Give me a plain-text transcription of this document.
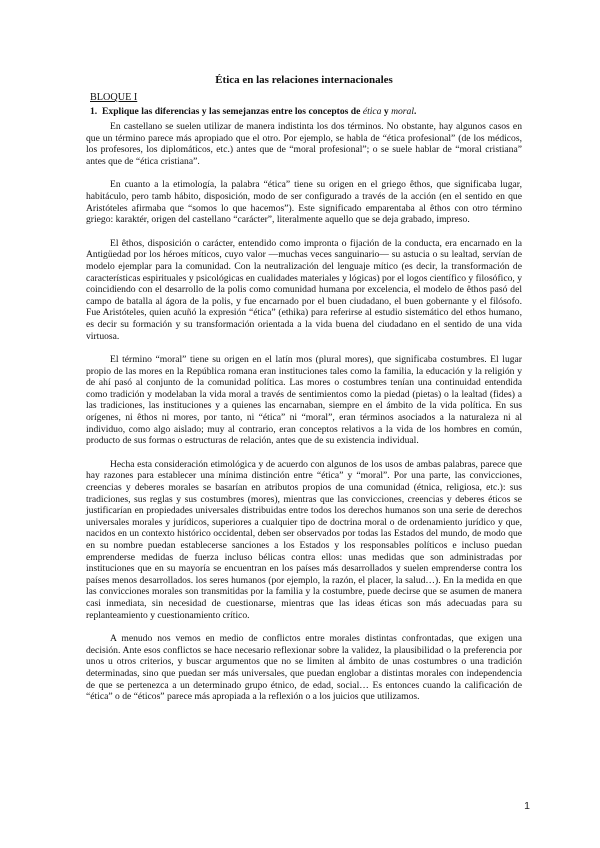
Ética en las relaciones internacionales
BLOQUE I
1. Explique las diferencias y las semejanzas entre los conceptos de ética y moral.

En castellano se suelen utilizar de manera indistinta los dos términos. No obstante, hay algunos casos en que un término parece más apropiado que el otro. Por ejemplo, se habla de “ética profesional” (de los médicos, los profesores, los diplomáticos, etc.) antes que de “moral profesional”; o se suele hablar de “moral cristiana” antes que de “ética cristiana”.

En cuanto a la etimología, la palabra “ética” tiene su origen en el griego êthos, que significaba lugar, habitáculo, pero tamb hábito, disposición, modo de ser configurado a través de la acción (en el sentido en que Aristóteles afirmaba que “somos lo que hacemos”). Este significado emparentaba al êthos con otro término griego: karaktér, origen del castellano “carácter”, literalmente aquello que se deja grabado, impreso.

El êthos, disposición o carácter, entendido como impronta o fijación de la conducta, era encarnado en la Antigüedad por los héroes míticos, cuyo valor —muchas veces sanguinario— su astucia o su lealtad, servían de modelo ejemplar para la comunidad. Con la neutralización del lenguaje mítico (es decir, la transformación de características espirituales y psicológicas en cualidades materiales y lógicas) por el logos científico y filosófico, y coincidiendo con el desarrollo de la polis como comunidad humana por excelencia, el modelo de êthos pasó del campo de batalla al ágora de la polis, y fue encarnado por el buen ciudadano, el buen gobernante y el filósofo. Fue Aristóteles, quien acuñó la expresión “ética” (ethika) para referirse al estudio sistemático del ethos humano, es decir su formación y su transformación orientada a la vida buena del ciudadano en el sentido de una vida virtuosa.

El término “moral” tiene su origen en el latín mos (plural mores), que significaba costumbres. El lugar propio de las mores en la República romana eran instituciones tales como la familia, la educación y la religión y de ahí pasó al conjunto de la comunidad política. Las mores o costumbres tenían una continuidad entendida como tradición y modelaban la vida moral a través de sentimientos como la piedad (pietas) o la lealtad (fides) a las tradiciones, las instituciones y a quienes las encarnaban, siempre en el ámbito de la vida política. En sus orígenes, ni êthos ni mores, por tanto, ni “ética” ni “moral”, eran términos asociados a la naturaleza ni al individuo, como algo aislado; muy al contrario, eran conceptos relativos a la vida de los hombres en común, producto de sus formas o estructuras de relación, antes que de su existencia individual.

Hecha esta consideración etimológica y de acuerdo con algunos de los usos de ambas palabras, parece que hay razones para establecer una mínima distinción entre “ética” y “moral”. Por una parte, las convicciones, creencias y deberes morales se basarían en atributos propios de una comunidad (étnica, religiosa, etc.): sus tradiciones, sus reglas y sus costumbres (mores), mientras que las convicciones, creencias y deberes éticos se justificarían en propiedades universales distribuidas entre todos los derechos humanos son una serie de derechos universales morales y jurídicos, superiores a cualquier tipo de doctrina moral o de ordenamiento jurídico y que, nacidos en un contexto histórico occidental, deben ser observados por todas las Estados del mundo, de modo que en su nombre puedan establecerse sanciones a los Estados y los responsables políticos e incluso puedan emprenderse medidas de fuerza incluso bélicas contra ellos: unas medidas que son administradas por instituciones que en su mayoría se encuentran en los países más desarrollados y suelen emprenderse contra los países menos desarrollados. los seres humanos (por ejemplo, la razón, el placer, la salud…). En la medida en que las convicciones morales son transmitidas por la familia y la costumbre, puede decirse que se asumen de manera casi inmediata, sin necesidad de cuestionarse, mientras que las ideas éticas son más adecuadas para su replanteamiento y cuestionamiento crítico.

A menudo nos vemos en medio de conflictos entre morales distintas confrontadas, que exigen una decisión. Ante esos conflictos se hace necesario reflexionar sobre la validez, la plausibilidad o la preferencia por unos u otros criterios, y buscar argumentos que no se limiten al ámbito de unas costumbres o una tradición determinadas, sino que puedan ser más universales, que puedan englobar a distintas morales con independencia de que se pertenezca a un determinado grupo étnico, de edad, social… Es entonces cuando la calificación de “ética” o de “éticos” parece más apropiada a la reflexión o a los juicios que utilizamos.

1
